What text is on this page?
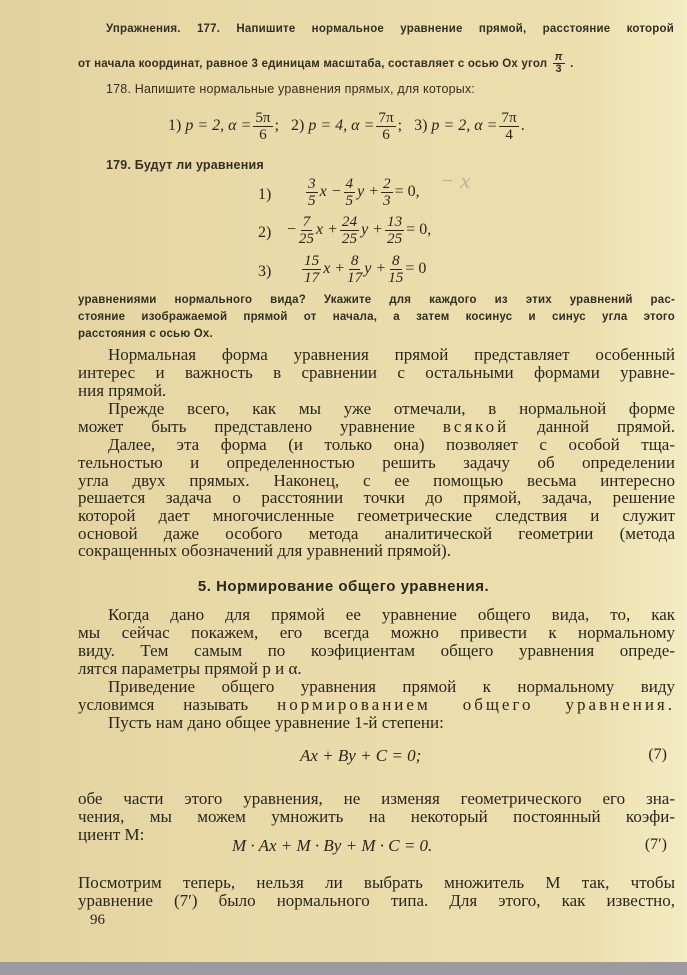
Упражнения. 177. Напишите нормальное уравнение прямой, расстояние которой
от начала координат, равное 3 единицам масштаба, составляет с осью Ox угол $\frac{\pi}{3}$ .
178. Напишите нормальные уравнения прямых, для которых:
1) p = 2, $\alpha = \frac{5\pi}{6}$ ; 2) p = 4, $\alpha = \frac{7\pi}{6}$ ; 3) p = 2, $\alpha = \frac{7\pi}{4}$ .
179. Будут ли уравнения
− x
$1) \frac{3}{5}$ $x - \frac{4}{5}$ $y + \frac{2}{3} = 0$,
$2) - \frac{7}{25}$ $x + \frac{24}{25}$ $y + \frac{13}{25} = 0$,
$3) \frac{15}{17}$ $x + \frac{8}{17}$ $y + \frac{8}{15} = 0$
уравнениями нормального вида? Укажите для каждого из этих уравнений рас-
стояние изображаемой прямой от начала, а затем косинус и синус угла этого
расстояния с осью Ox.
Нормальная форма уравнения прямой представляет особенный
интерес и важность в сравнении с остальными формами уравне-
ния прямой.
Прежде всего, как мы уже отмечали, в нормальной форме
может быть представлено уравнение всякой данной прямой.
Далее, эта форма (и только она) позволяет с особой тща-
тельностью и определенностью решить задачу об определении
угла двух прямых. Наконец, с ее помощью весьма интересно
решается задача о расстоянии точки до прямой, задача, решение
которой дает многочисленные геометрические следствия и служит
основой даже особого метода аналитической геометрии (метода
сокращенных обозначений для уравнений прямой).
5. Нормирование общего уравнения.
Когда дано для прямой ее уравнение общего вида, то, как
мы сейчас покажем, его всегда можно привести к нормальному
виду. Тем самым по коэфициентам общего уравнения опреде-
лятся параметры прямой p и α.
Приведение общего уравнения прямой к нормальному виду
условимся называть нормированием общего уравнения.
Пусть нам дано общее уравнение 1-й степени:
Ax + By + C = 0;	(7)
обе части этого уравнения, не изменяя геометрического его зна-
чения, мы можем умножить на некоторый постоянный коэфи-
циент M:
M · Ax + M · By + M · C = 0.	(7′)
Посмотрим теперь, нельзя ли выбрать множитель M так, чтобы
уравнение (7′) было нормального типа. Для этого, как известно,
96
